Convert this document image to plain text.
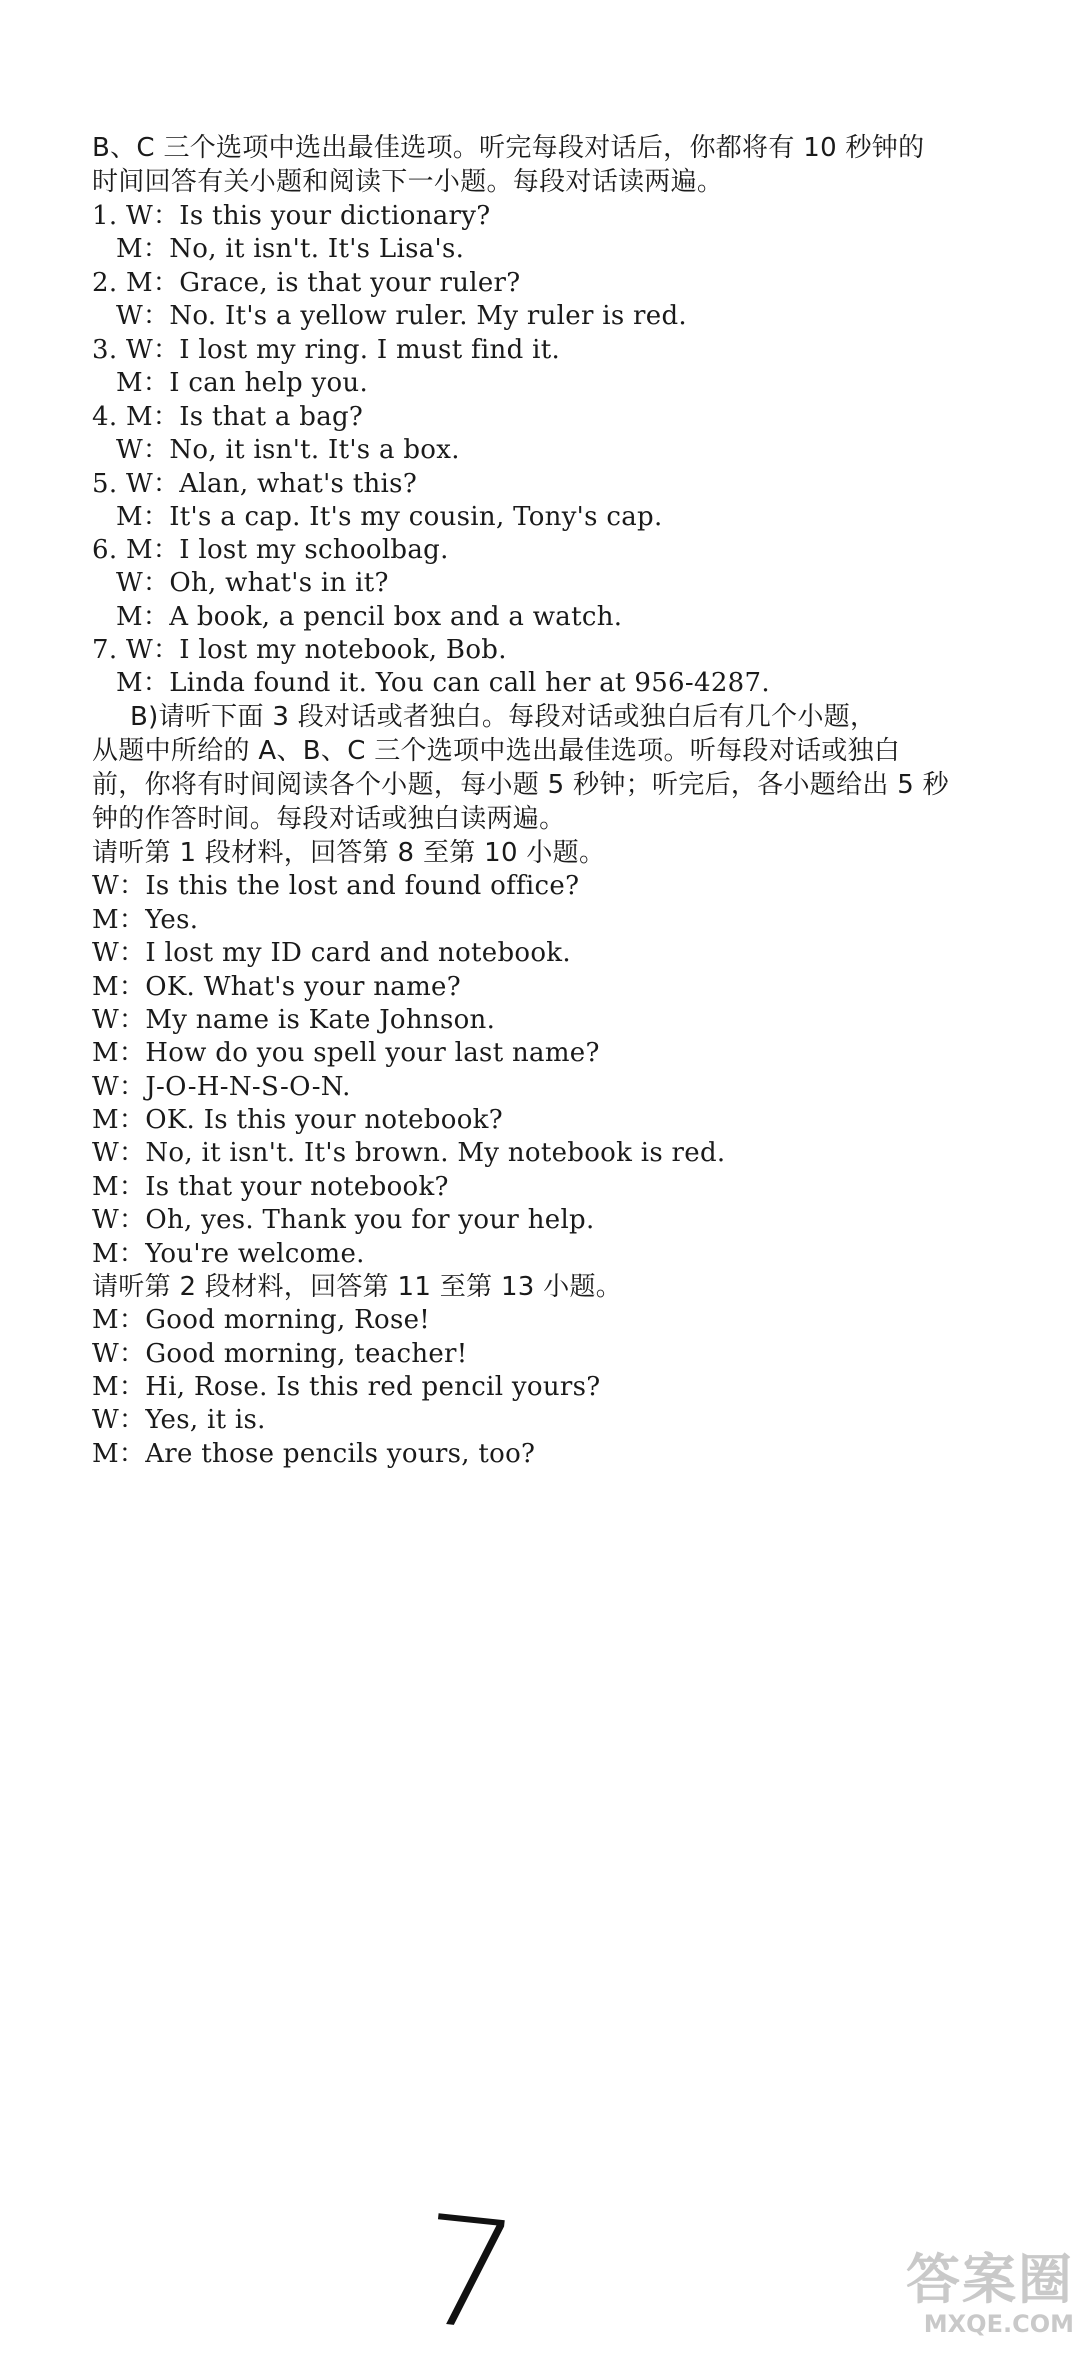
B、C 三个选项中选出最佳选项。听完每段对话后，你都将有 10 秒钟的
时间回答有关小题和阅读下一小题。每段对话读两遍。
1. W：Is this your dictionary?
M：No, it isn't. It's Lisa's.
2. M：Grace, is that your ruler?
W：No. It's a yellow ruler. My ruler is red.
3. W：I lost my ring. I must find it.
M：I can help you.
4. M：Is that a bag?
W：No, it isn't. It's a box.
5. W：Alan, what's this?
M：It's a cap. It's my cousin, Tony's cap.
6. M：I lost my schoolbag.
W：Oh, what's in it?
M：A book, a pencil box and a watch.
7. W：I lost my notebook, Bob.
M：Linda found it. You can call her at 956-4287.
B)请听下面 3 段对话或者独白。每段对话或独白后有几个小题，
从题中所给的 A、B、C 三个选项中选出最佳选项。听每段对话或独白
前，你将有时间阅读各个小题，每小题 5 秒钟；听完后，各小题给出 5 秒
钟的作答时间。每段对话或独白读两遍。
请听第 1 段材料，回答第 8 至第 10 小题。
W：Is this the lost and found office?
M：Yes.
W：I lost my ID card and notebook.
M：OK. What's your name?
W：My name is Kate Johnson.
M：How do you spell your last name?
W：J-O-H-N-S-O-N.
M：OK. Is this your notebook?
W：No, it isn't. It's brown. My notebook is red.
M：Is that your notebook?
W：Oh, yes. Thank you for your help.
M：You're welcome.
请听第 2 段材料，回答第 11 至第 13 小题。
M：Good morning, Rose!
W：Good morning, teacher!
M：Hi, Rose. Is this red pencil yours?
W：Yes, it is.
M：Are those pencils yours, too?
7	答案圈
MXQE.COM
